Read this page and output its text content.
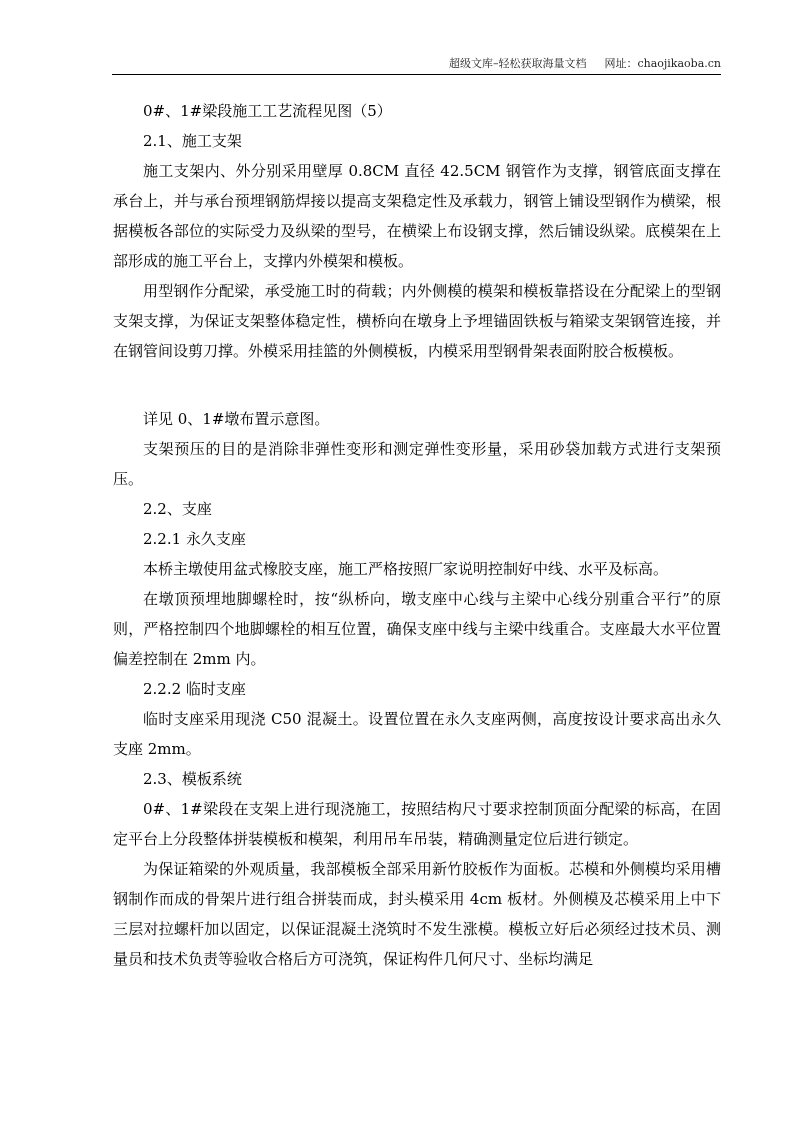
超级文库–轻松获取海量文档 网址：chaojikaoba.cn

0#、1#梁段施工工艺流程见图（5）

2.1、施工支架

施工支架内、外分别采用壁厚 0.8CM 直径 42.5CM 钢管作为支撑，钢管底面支撑在承台上，并与承台预埋钢筋焊接以提高支架稳定性及承载力，钢管上铺设型钢作为横梁，根据模板各部位的实际受力及纵梁的型号，在横梁上布设钢支撑，然后铺设纵梁。底模架在上部形成的施工平台上，支撑内外模架和模板。

用型钢作分配梁，承受施工时的荷载；内外侧模的模架和模板靠搭设在分配梁上的型钢支架支撑，为保证支架整体稳定性，横桥向在墩身上予埋锚固铁板与箱梁支架钢管连接，并在钢管间设剪刀撑。外模采用挂篮的外侧模板，内模采用型钢骨架表面附胶合板模板。

详见 0、1#墩布置示意图。

支架预压的目的是消除非弹性变形和测定弹性变形量，采用砂袋加载方式进行支架预压。

2.2、支座

2.2.1 永久支座

本桥主墩使用盆式橡胶支座，施工严格按照厂家说明控制好中线、水平及标高。

在墩顶预埋地脚螺栓时，按“纵桥向，墩支座中心线与主梁中心线分别重合平行”的原则，严格控制四个地脚螺栓的相互位置，确保支座中线与主梁中线重合。支座最大水平位置偏差控制在 2mm 内。

2.2.2 临时支座

临时支座采用现浇 C50 混凝土。设置位置在永久支座两侧，高度按设计要求高出永久支座 2mm。

2.3、模板系统

0#、1#梁段在支架上进行现浇施工，按照结构尺寸要求控制顶面分配梁的标高，在固定平台上分段整体拼装模板和模架，利用吊车吊装，精确测量定位后进行锁定。

为保证箱梁的外观质量，我部模板全部采用新竹胶板作为面板。芯模和外侧模均采用槽钢制作而成的骨架片进行组合拼装而成，封头模采用 4cm 板材。外侧模及芯模采用上中下三层对拉螺杆加以固定，以保证混凝土浇筑时不发生涨模。模板立好后必须经过技术员、测量员和技术负责等验收合格后方可浇筑，保证构件几何尺寸、坐标均满足
